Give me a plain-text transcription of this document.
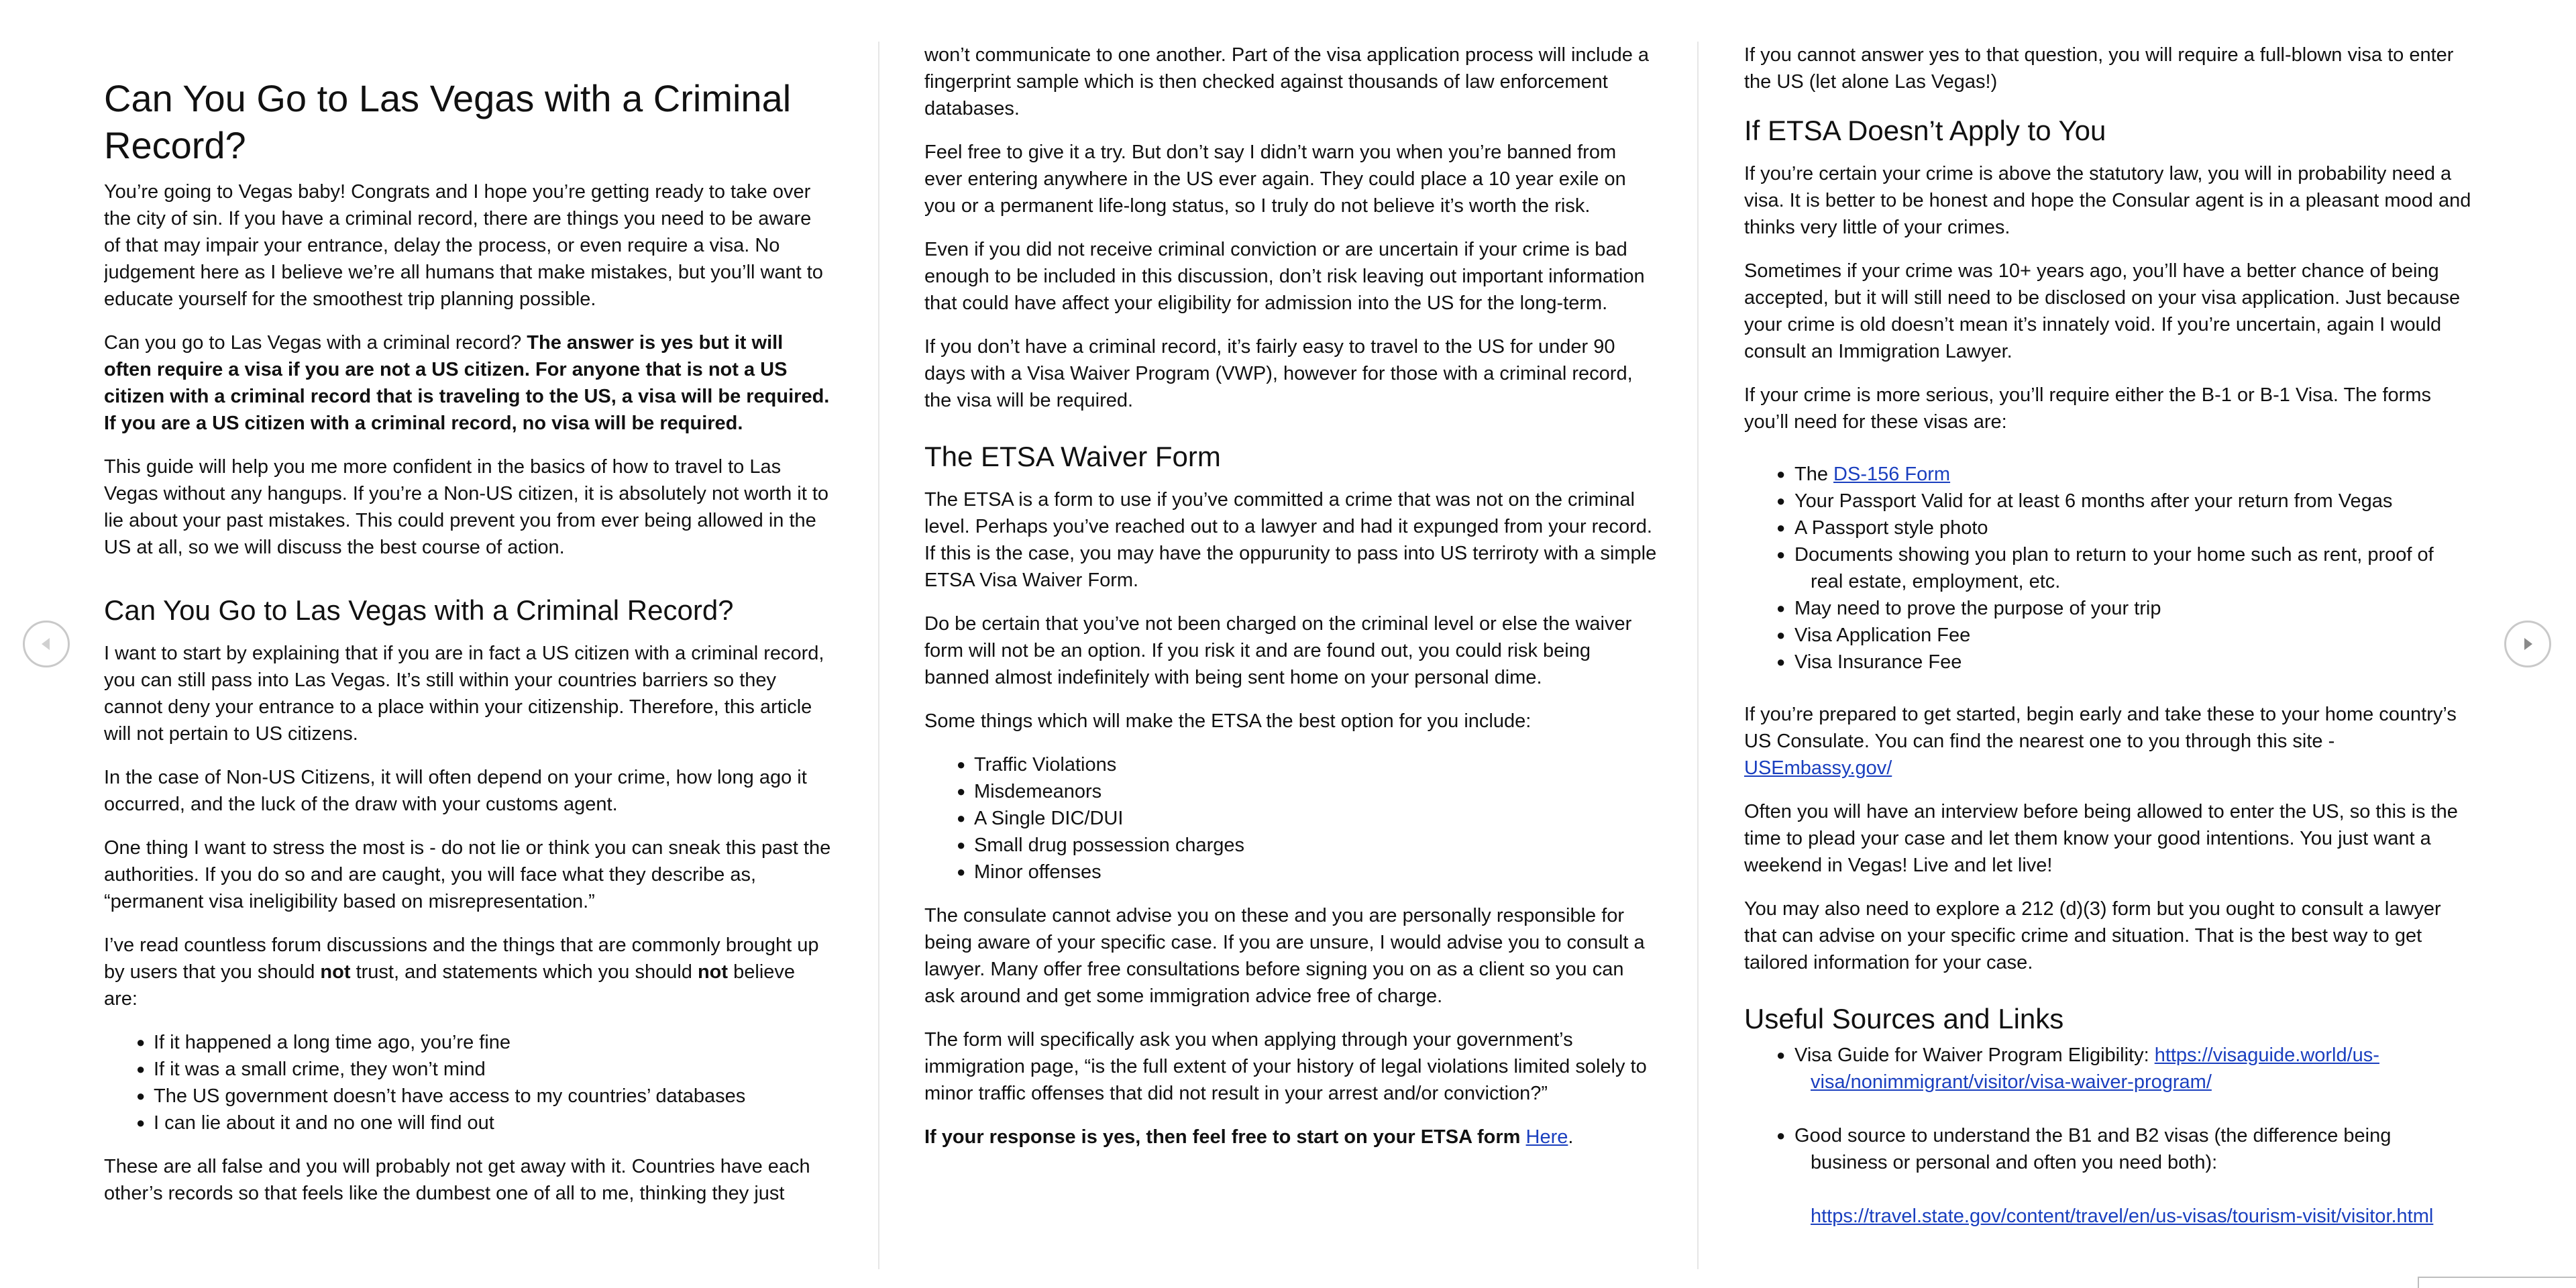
Can You Go to Las Vegas with a Criminal Record?

You’re going to Vegas baby! Congrats and I hope you’re getting ready to take over the city of sin. If you have a criminal record, there are things you need to be aware of that may impair your entrance, delay the process, or even require a visa. No judgement here as I believe we’re all humans that make mistakes, but you’ll want to educate yourself for the smoothest trip planning possible.

Can you go to Las Vegas with a criminal record? The answer is yes but it will often require a visa if you are not a US citizen. For anyone that is not a US citizen with a criminal record that is traveling to the US, a visa will be required. If you are a US citizen with a criminal record, no visa will be required.

This guide will help you me more confident in the basics of how to travel to Las Vegas without any hangups. If you’re a Non-US citizen, it is absolutely not worth it to lie about your past mistakes. This could prevent you from ever being allowed in the US at all, so we will discuss the best course of action.

Can You Go to Las Vegas with a Criminal Record?

I want to start by explaining that if you are in fact a US citizen with a criminal record, you can still pass into Las Vegas. It’s still within your countries barriers so they cannot deny your entrance to a place within your citizenship. Therefore, this article will not pertain to US citizens.

In the case of Non-US Citizens, it will often depend on your crime, how long ago it occurred, and the luck of the draw with your customs agent.

One thing I want to stress the most is - do not lie or think you can sneak this past the authorities. If you do so and are caught, you will face what they describe as, “permanent visa ineligibility based on misrepresentation.”

I’ve read countless forum discussions and the things that are commonly brought up by users that you should not trust, and statements which you should not believe are:

● If it happened a long time ago, you’re fine
● If it was a small crime, they won’t mind
● The US government doesn’t have access to my countries’ databases
● I can lie about it and no one will find out

These are all false and you will probably not get away with it. Countries have each other’s records so that feels like the dumbest one of all to me, thinking they just

won’t communicate to one another. Part of the visa application process will include a fingerprint sample which is then checked against thousands of law enforcement databases.

Feel free to give it a try. But don’t say I didn’t warn you when you’re banned from ever entering anywhere in the US ever again. They could place a 10 year exile on you or a permanent life-long status, so I truly do not believe it’s worth the risk.

Even if you did not receive criminal conviction or are uncertain if your crime is bad enough to be included in this discussion, don’t risk leaving out important information that could have affect your eligibility for admission into the US for the long-term.

If you don’t have a criminal record, it’s fairly easy to travel to the US for under 90 days with a Visa Waiver Program (VWP), however for those with a criminal record, the visa will be required.

The ETSA Waiver Form

The ETSA is a form to use if you’ve committed a crime that was not on the criminal level. Perhaps you’ve reached out to a lawyer and had it expunged from your record. If this is the case, you may have the oppurunity to pass into US terriroty with a simple ETSA Visa Waiver Form.

Do be certain that you’ve not been charged on the criminal level or else the waiver form will not be an option. If you risk it and are found out, you could risk being banned almost indefinitely with being sent home on your personal dime.

Some things which will make the ETSA the best option for you include:

● Traffic Violations
● Misdemeanors
● A Single DIC/DUI
● Small drug possession charges
● Minor offenses

The consulate cannot advise you on these and you are personally responsible for being aware of your specific case. If you are unsure, I would advise you to consult a lawyer. Many offer free consultations before signing you on as a client so you can ask around and get some immigration advice free of charge.

The form will specifically ask you when applying through your government’s immigration page, “is the full extent of your history of legal violations limited solely to minor traffic offenses that did not result in your arrest and/or conviction?”

If your response is yes, then feel free to start on your ETSA form Here.

If you cannot answer yes to that question, you will require a full-blown visa to enter the US (let alone Las Vegas!)

If ETSA Doesn’t Apply to You

If you’re certain your crime is above the statutory law, you will in probability need a visa. It is better to be honest and hope the Consular agent is in a pleasant mood and thinks very little of your crimes.

Sometimes if your crime was 10+ years ago, you’ll have a better chance of being accepted, but it will still need to be disclosed on your visa application. Just because your crime is old doesn’t mean it’s innately void. If you’re uncertain, again I would consult an Immigration Lawyer.

If your crime is more serious, you’ll require either the B-1 or B-1 Visa. The forms you’ll need for these visas are:

● The DS-156 Form
● Your Passport Valid for at least 6 months after your return from Vegas
● A Passport style photo
● Documents showing you plan to return to your home such as rent, proof of

real estate, employment, etc.
● May need to prove the purpose of your trip
● Visa Application Fee
● Visa Insurance Fee

If you’re prepared to get started, begin early and take these to your home country’s US Consulate. You can find the nearest one to you through this site - USEmbassy.gov/

Often you will have an interview before being allowed to enter the US, so this is the time to plead your case and let them know your good intentions. You just want a weekend in Vegas! Live and let live!

You may also need to explore a 212 (d)(3) form but you ought to consult a lawyer that can advise on your specific crime and situation. That is the best way to get tailored information for your case.

Useful Sources and Links
● Visa Guide for Waiver Program Eligibility: https://visaguide.world/us-

visa/nonimmigrant/visitor/visa-waiver-program/
● Good source to understand the B1 and B2 visas (the difference being

business or personal and often you need both):

https://travel.state.gov/content/travel/en/us-visas/tourism-visit/visitor.html
